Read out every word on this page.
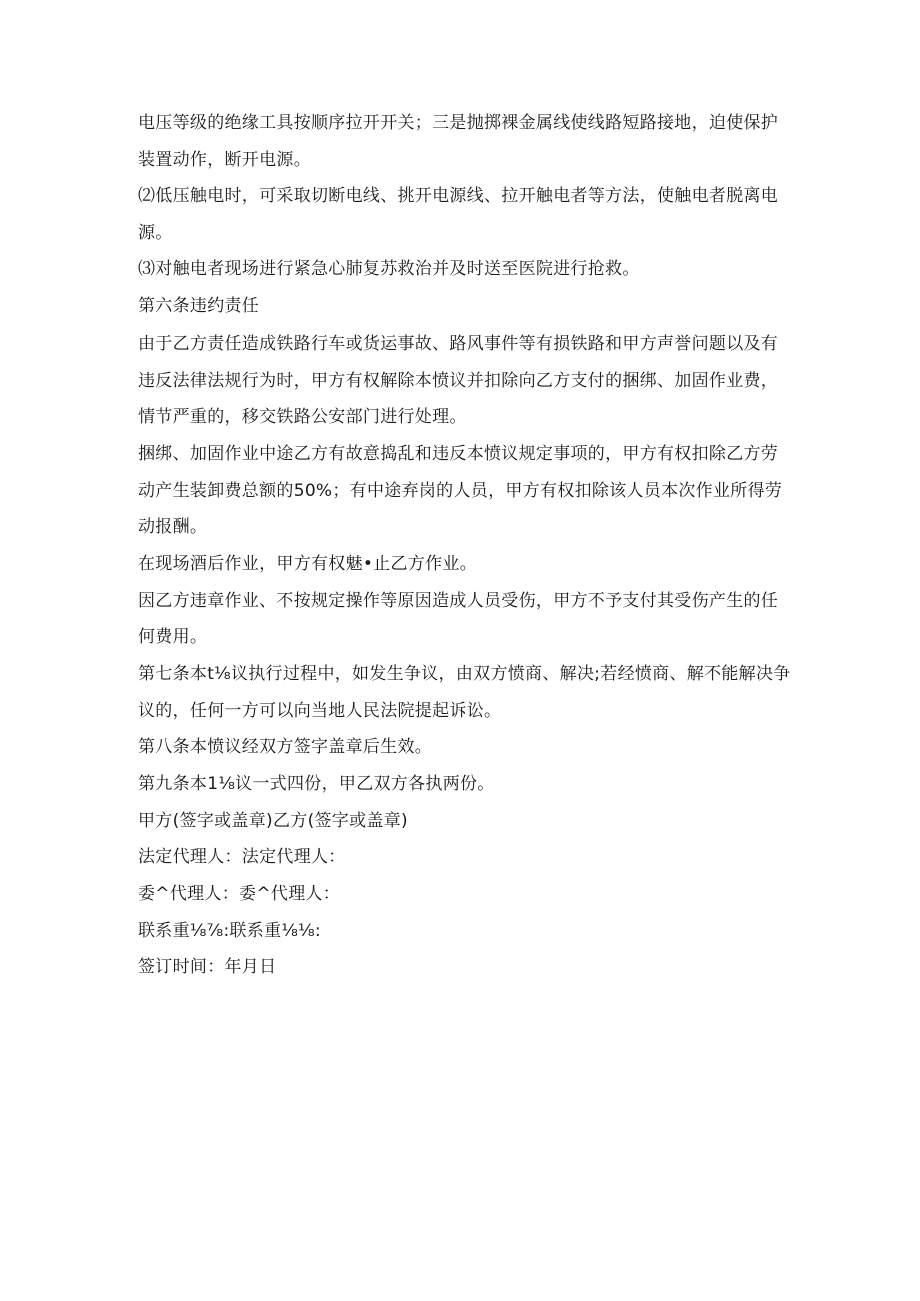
电压等级的绝缘工具按顺序拉开开关；三是抛掷裸金属线使线路短路接地，迫使保护
装置动作，断开电源。
⑵低压触电时，可采取切断电线、挑开电源线、拉开触电者等方法，使触电者脱离电
源。
⑶对触电者现场进行紧急心肺复苏救治并及时送至医院进行抢救。
第六条违约责任
由于乙方责任造成铁路行车或货运事故、路风事件等有损铁路和甲方声誉问题以及有
违反法律法规行为时，甲方有权解除本愤议并扣除向乙方支付的捆绑、加固作业费，
情节严重的，移交铁路公安部门进行处理。
捆绑、加固作业中途乙方有故意捣乱和违反本愤议规定事项的，甲方有权扣除乙方劳
动产生装卸费总额的50%；有中途弃岗的人员，甲方有权扣除该人员本次作业所得劳
动报酬。
在现场酒后作业，甲方有权魅•止乙方作业。
因乙方违章作业、不按规定操作等原因造成人员受伤，甲方不予支付其受伤产生的任
何费用。
第七条本t⅛议执行过程中，如发生争议，由双方愤商、解决;若经愤商、解不能解决争
议的，任何一方可以向当地人民法院提起诉讼。
第八条本愤议经双方签字盖章后生效。
第九条本1⅛议一式四份，甲乙双方各执两份。
甲方(签字或盖章)乙方(签字或盖章)
法定代理人：法定代理人：
委^代理人：委^代理人：
联系重⅛⅞:联系重⅛⅛:
签订时间：年月日
